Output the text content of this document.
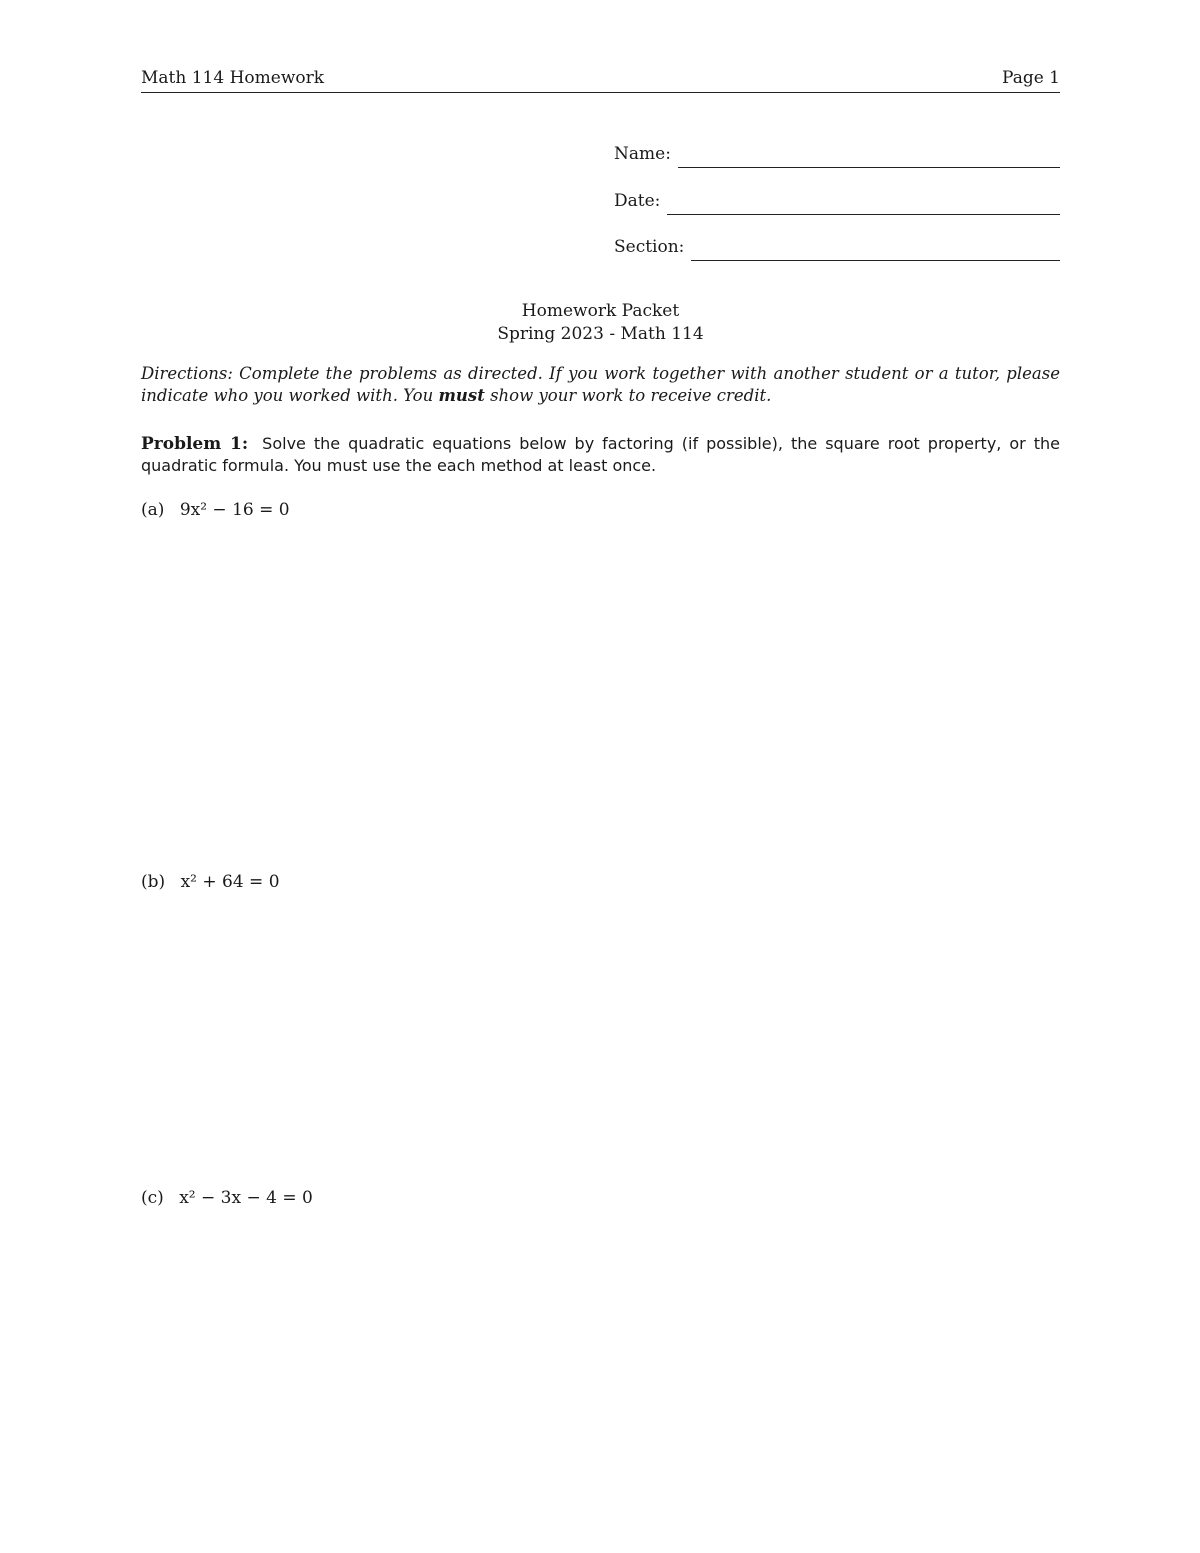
Math 114 Homework	Page 1
Name:
Date:
Section:
Homework Packet
Spring 2023 - Math 114
Directions: Complete the problems as directed. If you work together with another student or a tutor, please indicate who you worked with. You must show your work to receive credit.
Problem 1: Solve the quadratic equations below by factoring (if possible), the square root property, or the quadratic formula. You must use the each method at least once.
(a) 9x² − 16 = 0
(b) x² + 64 = 0
(c) x² − 3x − 4 = 0
